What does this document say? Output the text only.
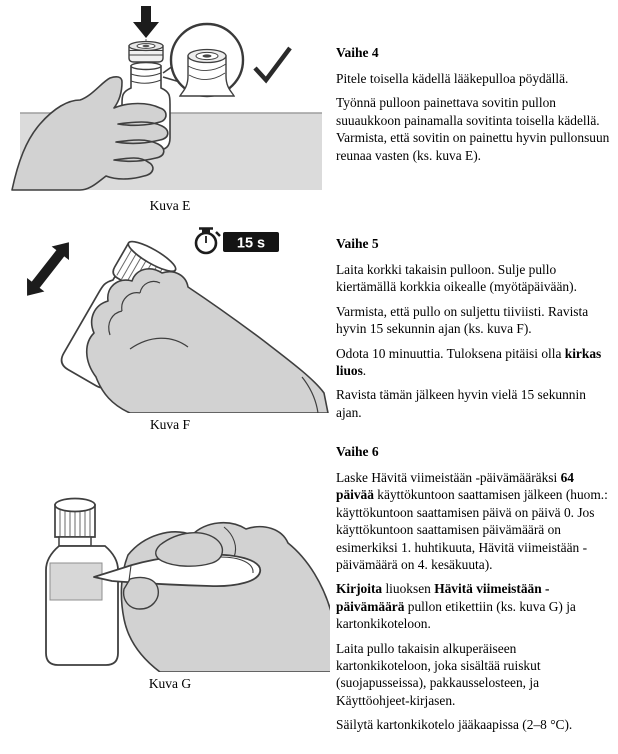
Kuva E
15 s
Kuva F
Kuva G
Vaihe 4

Pitele toisella kädellä lääkepulloa pöydällä.

Työnnä pulloon painettava sovitin pullon suuaukkoon painamalla sovitinta toisella kädellä. Varmista, että sovitin on painettu hyvin pullonsuun reunaa vasten (ks. kuva E).

Vaihe 5

Laita korkki takaisin pulloon. Sulje pullo kiertämällä korkkia oikealle (myötäpäivään).

Varmista, että pullo on suljettu tiiviisti. Ravista hyvin 15 sekunnin ajan (ks. kuva F).

Odota 10 minuuttia. Tuloksena pitäisi olla kirkas liuos.

Ravista tämän jälkeen hyvin vielä 15 sekunnin ajan.

Vaihe 6

Laske Hävitä viimeistään -päivämääräksi 64 päivää käyttökuntoon saattamisen jälkeen (huom.: käyttökuntoon saattamisen päivä on päivä 0. Jos käyttökuntoon saattamisen päivämäärä on esimerkiksi 1. huhtikuuta, Hävitä viimeistään -päivämäärä on 4. kesäkuuta).

Kirjoita liuoksen Hävitä viimeistään -päivämäärä pullon etikettiin (ks. kuva G) ja kartonkikoteloon.

Laita pullo takaisin alkuperäiseen kartonkikoteloon, joka sisältää ruiskut (suojapusseissa), pakkausselosteen, ja Käyttöohjeet-kirjasen.

Säilytä kartonkikotelo jääkaapissa (2–8 °C).
